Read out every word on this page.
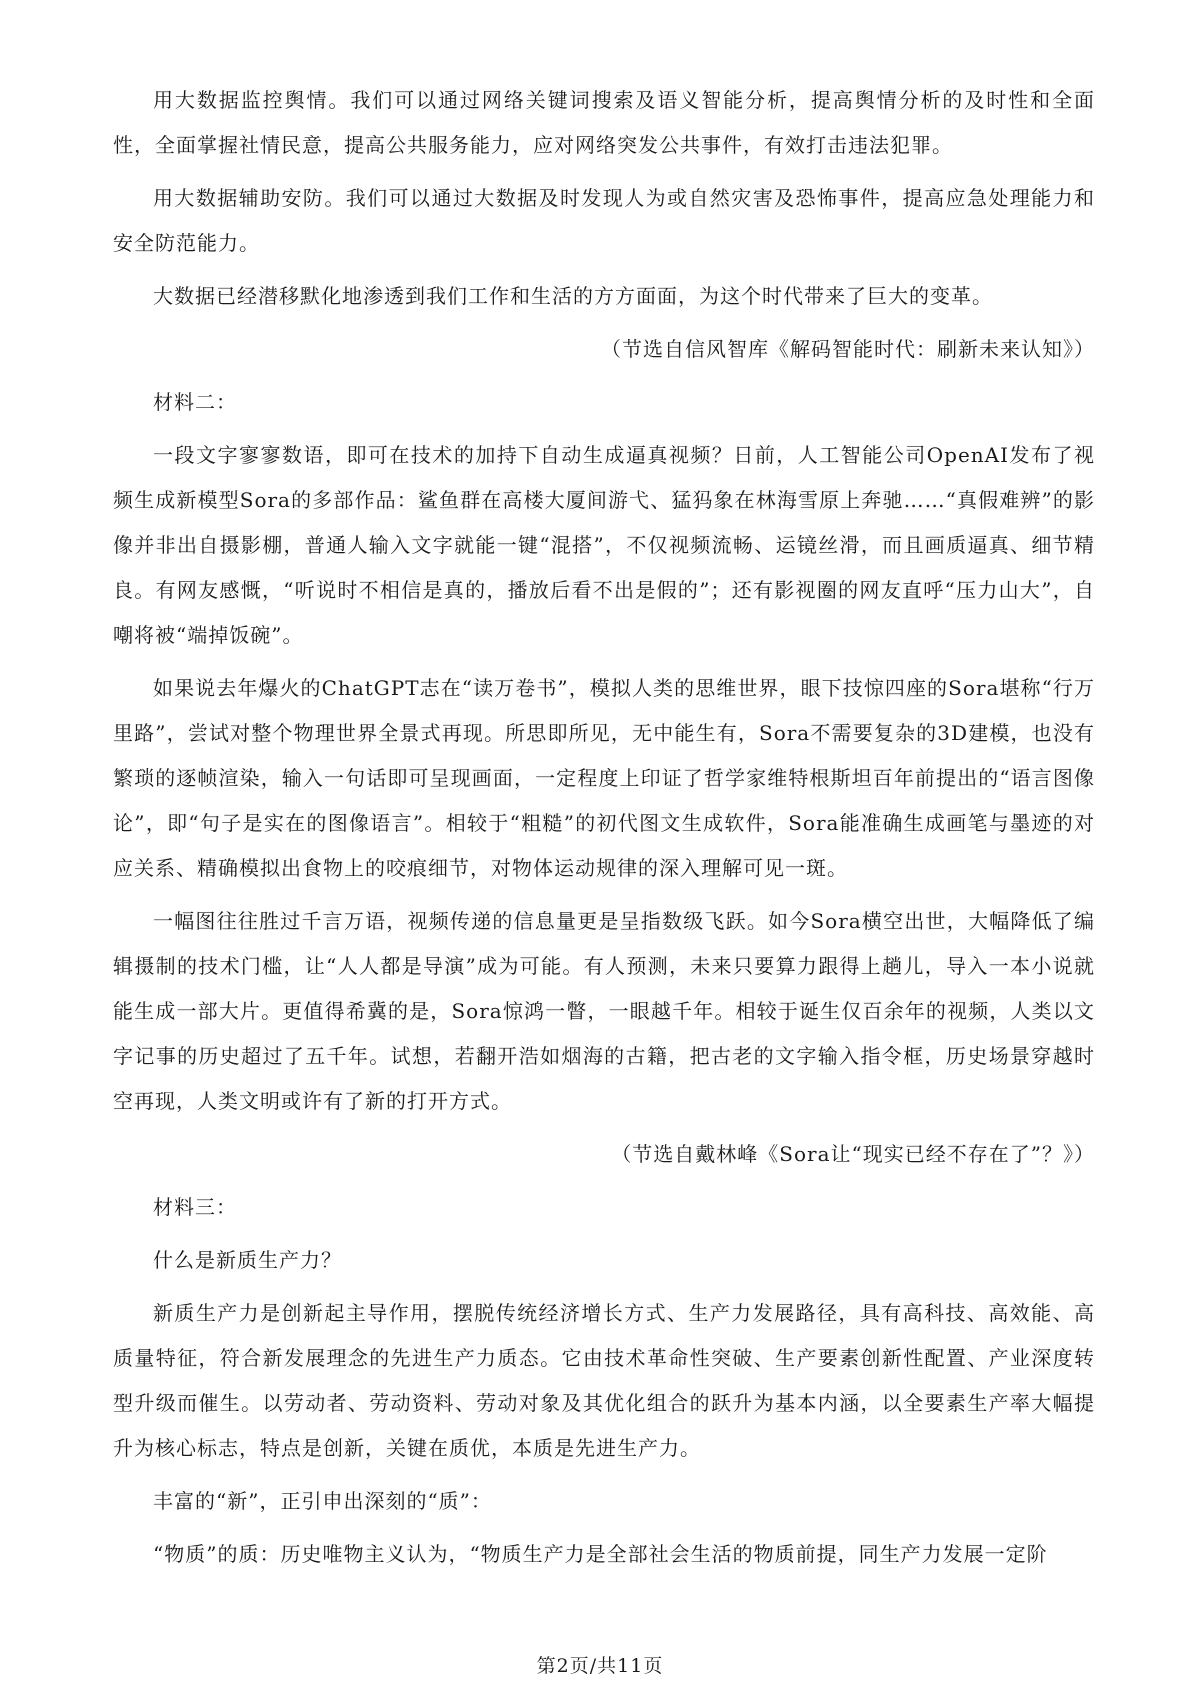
用大数据监控舆情。我们可以通过网络关键词搜索及语义智能分析，提高舆情分析的及时性和全面性，全面掌握社情民意，提高公共服务能力，应对网络突发公共事件，有效打击违法犯罪。

用大数据辅助安防。我们可以通过大数据及时发现人为或自然灾害及恐怖事件，提高应急处理能力和安全防范能力。

大数据已经潜移默化地渗透到我们工作和生活的方方面面，为这个时代带来了巨大的变革。

（节选自信风智库《解码智能时代：刷新未来认知》）

材料二：

一段文字寥寥数语，即可在技术的加持下自动生成逼真视频？日前，人工智能公司OpenAI发布了视频生成新模型Sora的多部作品：鲨鱼群在高楼大厦间游弋、猛犸象在林海雪原上奔驰……“真假难辨”的影像并非出自摄影棚，普通人输入文字就能一键“混搭”，不仅视频流畅、运镜丝滑，而且画质逼真、细节精良。有网友感慨，“听说时不相信是真的，播放后看不出是假的”；还有影视圈的网友直呼“压力山大”，自嘲将被“端掉饭碗”。

如果说去年爆火的ChatGPT志在“读万卷书”，模拟人类的思维世界，眼下技惊四座的Sora堪称“行万里路”，尝试对整个物理世界全景式再现。所思即所见，无中能生有，Sora不需要复杂的3D建模，也没有繁琐的逐帧渲染，输入一句话即可呈现画面，一定程度上印证了哲学家维特根斯坦百年前提出的“语言图像论”，即“句子是实在的图像语言”。相较于“粗糙”的初代图文生成软件，Sora能准确生成画笔与墨迹的对应关系、精确模拟出食物上的咬痕细节，对物体运动规律的深入理解可见一斑。

一幅图往往胜过千言万语，视频传递的信息量更是呈指数级飞跃。如今Sora横空出世，大幅降低了编辑摄制的技术门槛，让“人人都是导演”成为可能。有人预测，未来只要算力跟得上趟儿，导入一本小说就能生成一部大片。更值得希冀的是，Sora惊鸿一瞥，一眼越千年。相较于诞生仅百余年的视频，人类以文字记事的历史超过了五千年。试想，若翻开浩如烟海的古籍，把古老的文字输入指令框，历史场景穿越时空再现，人类文明或许有了新的打开方式。

（节选自戴林峰《Sora让“现实已经不存在了”？》）

材料三：

什么是新质生产力？

新质生产力是创新起主导作用，摆脱传统经济增长方式、生产力发展路径，具有高科技、高效能、高质量特征，符合新发展理念的先进生产力质态。它由技术革命性突破、生产要素创新性配置、产业深度转型升级而催生。以劳动者、劳动资料、劳动对象及其优化组合的跃升为基本内涵，以全要素生产率大幅提升为核心标志，特点是创新，关键在质优，本质是先进生产力。

丰富的“新”，正引申出深刻的“质”：

“物质”的质：历史唯物主义认为，“物质生产力是全部社会生活的物质前提，同生产力发展一定阶

第2页/共11页
